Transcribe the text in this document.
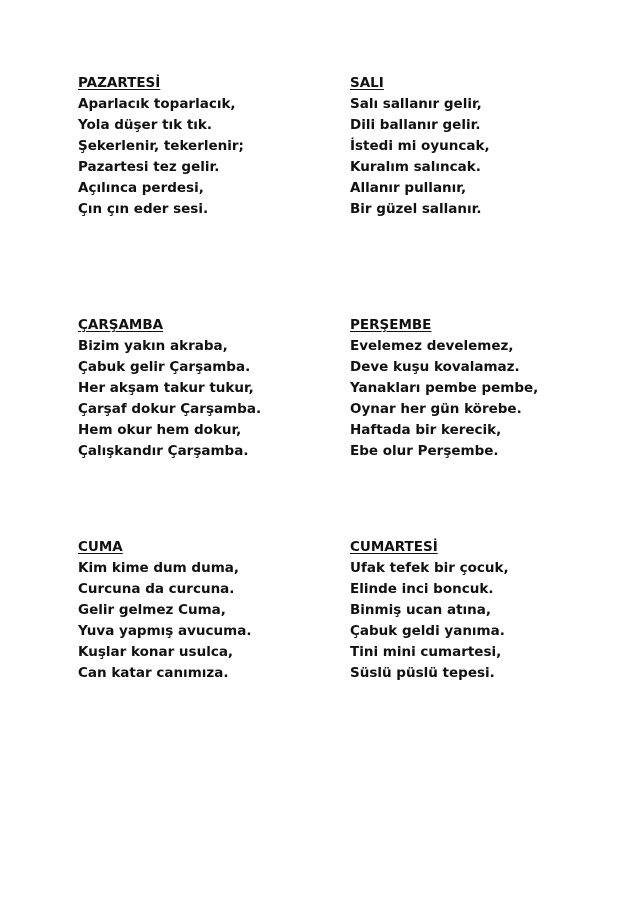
PAZARTESİ
Aparlacık toparlacık,
Yola düşer tık tık.
Şekerlenir, tekerlenir;
Pazartesi tez gelir.
Açılınca perdesi,
Çın çın eder sesi.
SALI
Salı sallanır gelir,
Dili ballanır gelir.
İstedi mi oyuncak,
Kuralım salıncak.
Allanır pullanır,
Bir güzel sallanır.
ÇARŞAMBA
Bizim yakın akraba,
Çabuk gelir Çarşamba.
Her akşam takur tukur,
Çarşaf dokur Çarşamba.
Hem okur hem dokur,
Çalışkandır Çarşamba.
PERŞEMBE
Evelemez develemez,
Deve kuşu kovalamaz.
Yanakları pembe pembe,
Oynar her gün körebe.
Haftada bir kerecik,
Ebe olur Perşembe.
CUMA
Kim kime dum duma,
Curcuna da curcuna.
Gelir gelmez Cuma,
Yuva yapmış avucuma.
Kuşlar konar usulca,
Can katar canımıza.
CUMARTESİ
Ufak tefek bir çocuk,
Elinde inci boncuk.
Binmiş ucan atına,
Çabuk geldi yanıma.
Tini mini cumartesi,
Süslü püslü tepesi.
